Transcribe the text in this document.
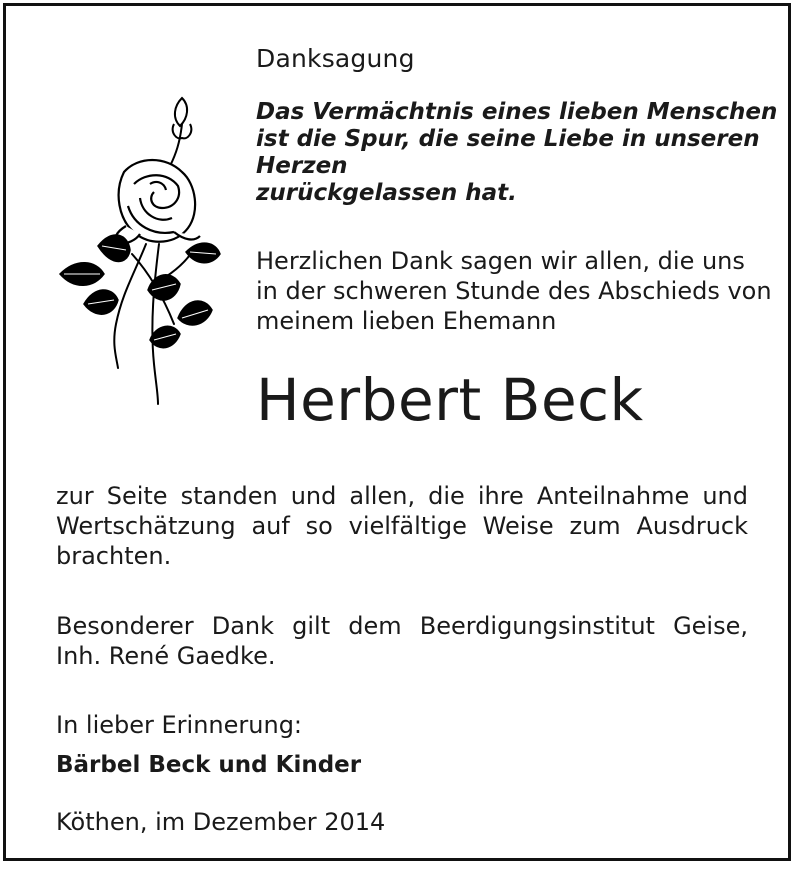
Danksagung
Das Vermächtnis eines lieben Menschen
ist die Spur, die seine Liebe in unseren
Herzen
zurückgelassen hat.
Herzlichen Dank sagen wir allen, die uns
in der schweren Stunde des Abschieds von
meinem lieben Ehemann
Herbert Beck
zur Seite standen und allen, die ihre Anteilnahme und Wertschätzung auf so vielfältige Weise zum Ausdruck brachten.
Besonderer Dank gilt dem Beerdigungsinstitut Geise, Inh. René Gaedke.
In lieber Erinnerung:
Bärbel Beck und Kinder
Köthen, im Dezember 2014
